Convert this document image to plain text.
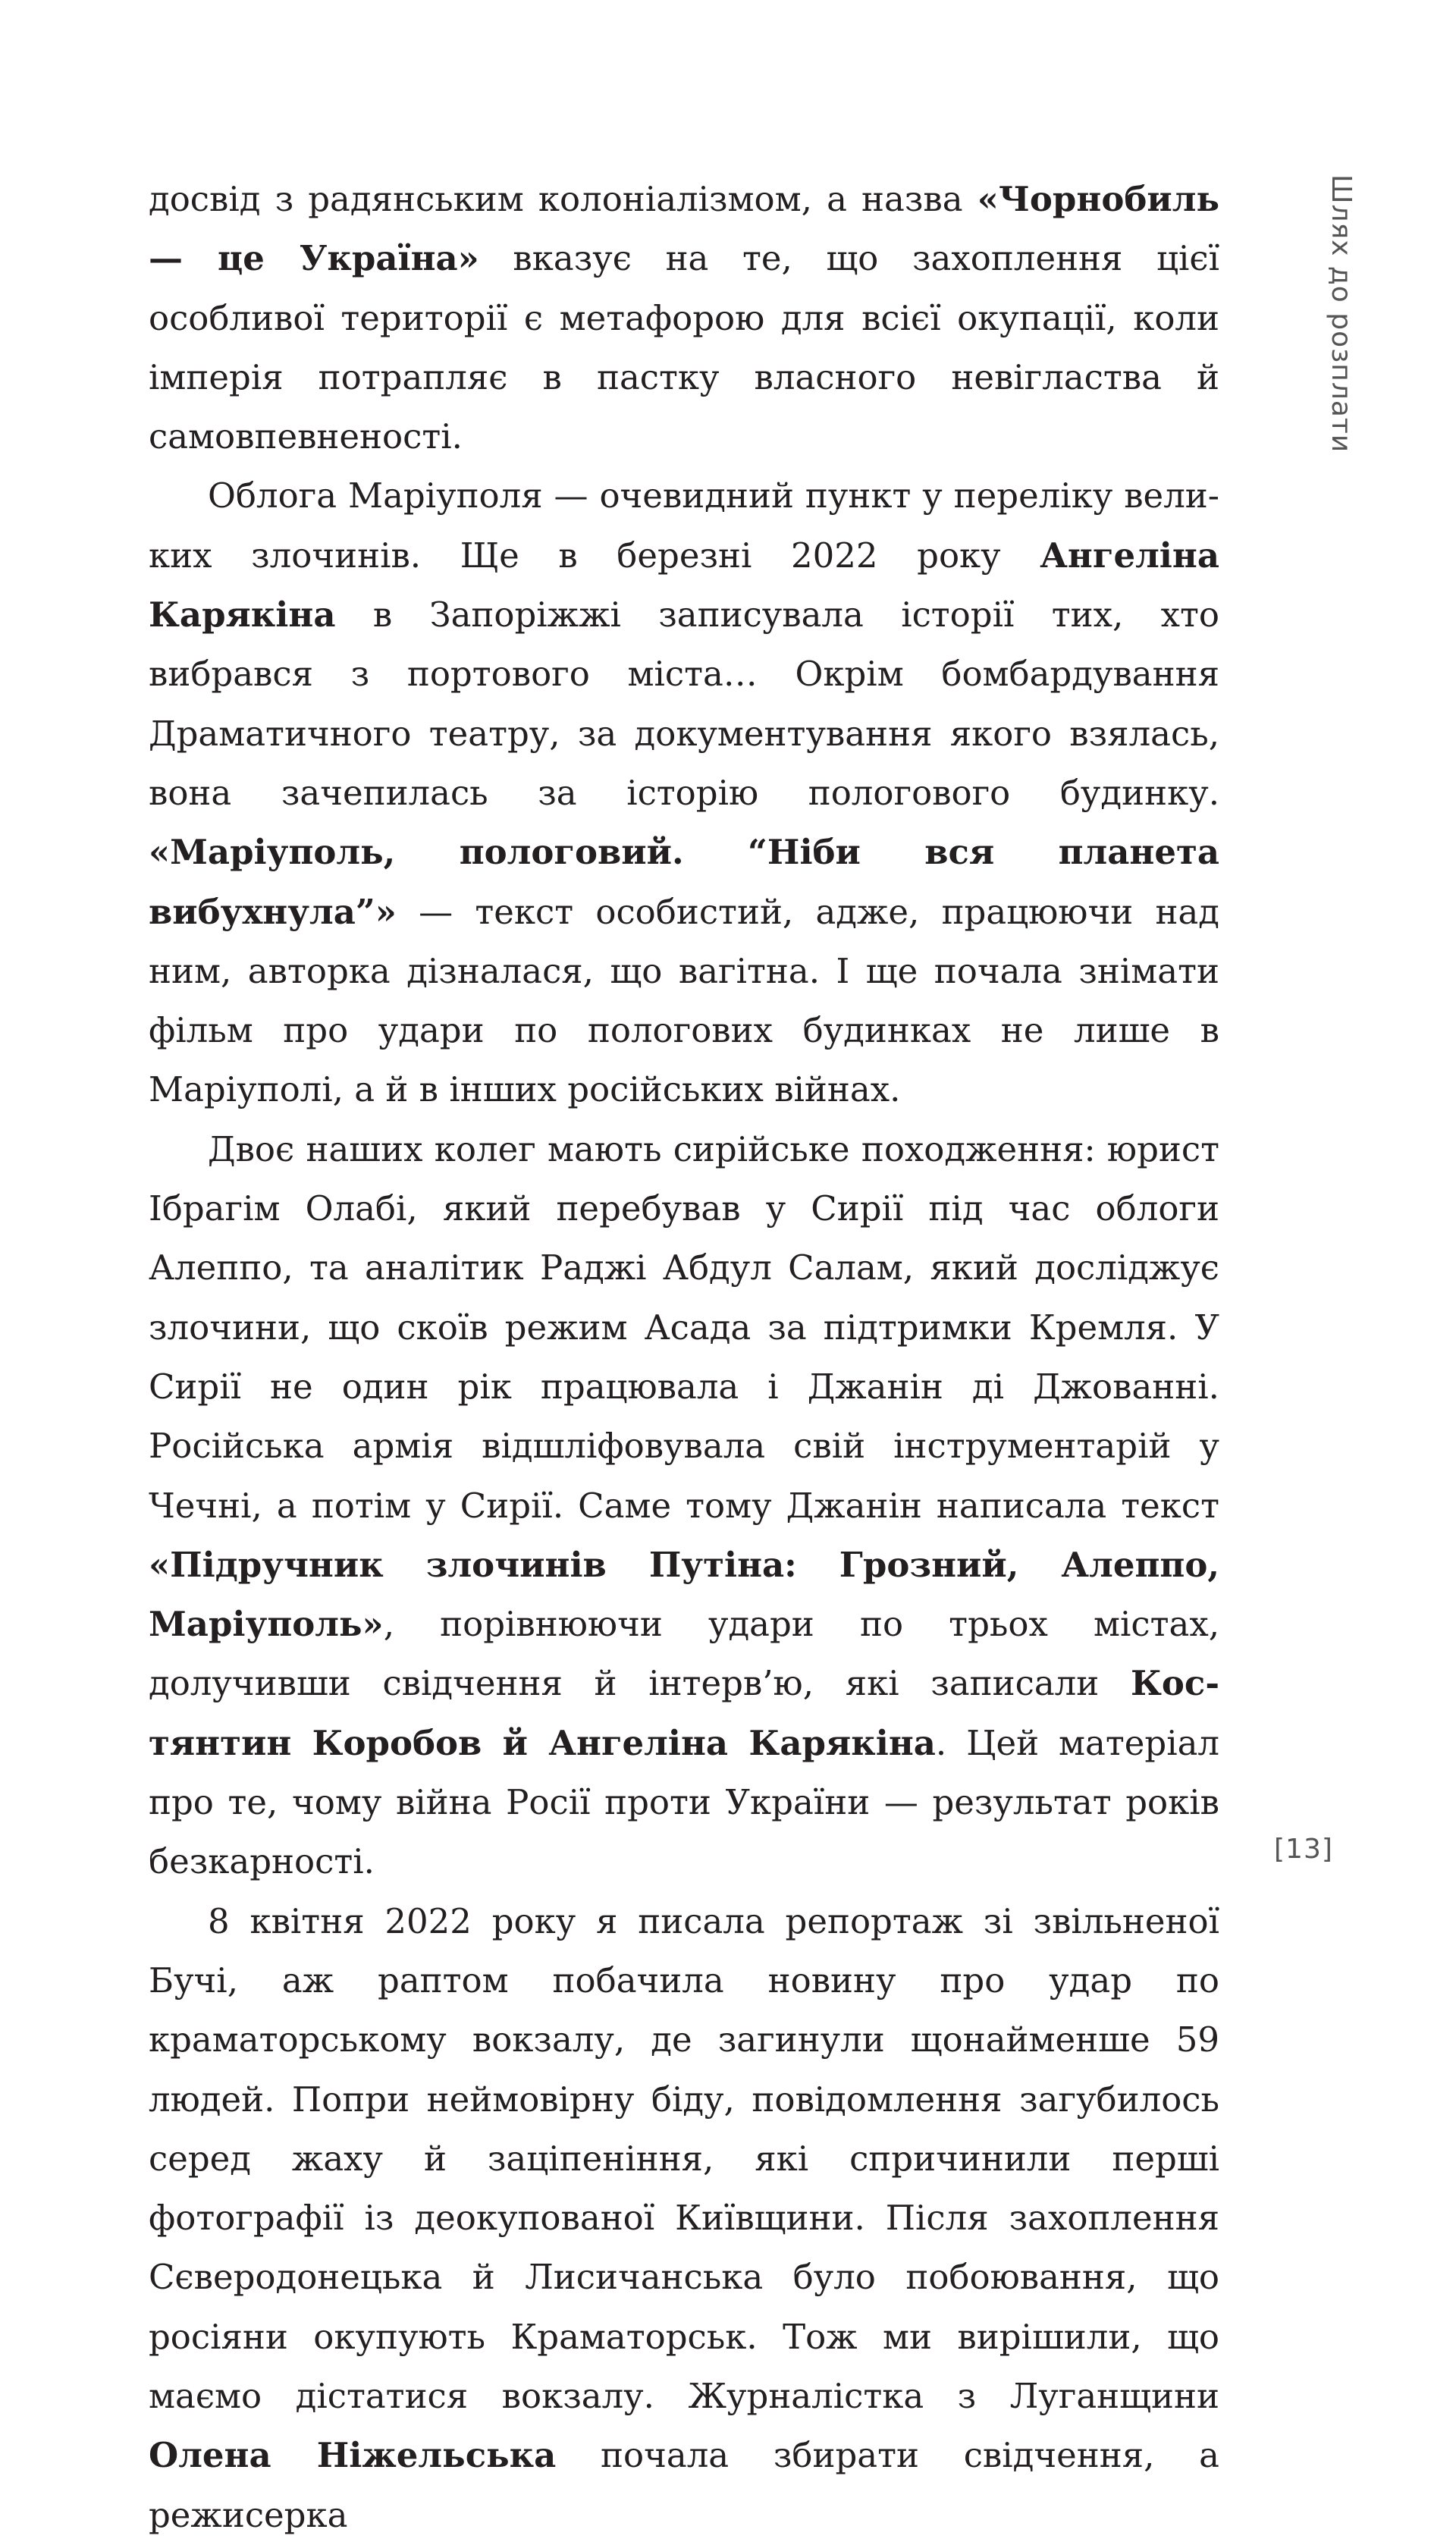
Шлях до розплати

досвід з радянським колоніалізмом, а назва «Чорнобиль — це Україна» вказує на те, що захоплення цієї особливої території є метафорою для всієї окупації, коли імперія потрапляє в пастку власного невігластва й самовпевненості.

Облога Маріуполя — очевидний пункт у переліку великих злочинів. Ще в березні 2022 року Ангеліна Карякіна в Запоріжжі записувала історії тих, хто вибрався з портового міста… Окрім бомбардування Драматичного театру, за документування якого взялась, вона зачепилась за історію пологового будинку. «Маріуполь, пологовий. “Ніби вся планета вибухнула”» — текст особистий, адже, працюючи над ним, авторка дізналася, що вагітна. І ще почала знімати фільм про удари по пологових будинках не лише в Маріуполі, а й в інших російських війнах.

Двоє наших колег мають сирійське походження: юрист Ібрагім Олабі, який перебував у Сирії під час облоги Алеппо, та аналітик Раджі Абдул Салам, який досліджує злочини, що скоїв режим Асада за підтримки Кремля. У Сирії не один рік працювала і Джанін ді Джованні. Російська армія відшліфовувала свій інструментарій у Чечні, а потім у Сирії. Саме тому Джанін написала текст «Підручник злочинів Путіна: Грозний, Алеппо, Маріуполь», порівнюючи удари по трьох містах, долучивши свідчення й інтерв’ю, які записали Костянтин Коробов й Ангеліна Карякіна. Цей матеріал про те, чому війна Росії проти України — результат років безкарності.

8 квітня 2022 року я писала репортаж зі звільненої Бучі, аж раптом побачила новину про удар по краматорському вокзалу, де загинули щонайменше 59 людей. Попри неймовірну біду, повідомлення загубилось серед жаху й заціпеніння, які спричинили перші фотографії із деокупованої Київщини. Після захоплення Сєверодонецька й Лисичанська було побоювання, що росіяни окупують Краматорськ. Тож ми вирішили, що маємо дістатися вокзалу. Журналістка з Луганщини Олена Ніжельська почала збирати свідчення, а режисерка

[13]
